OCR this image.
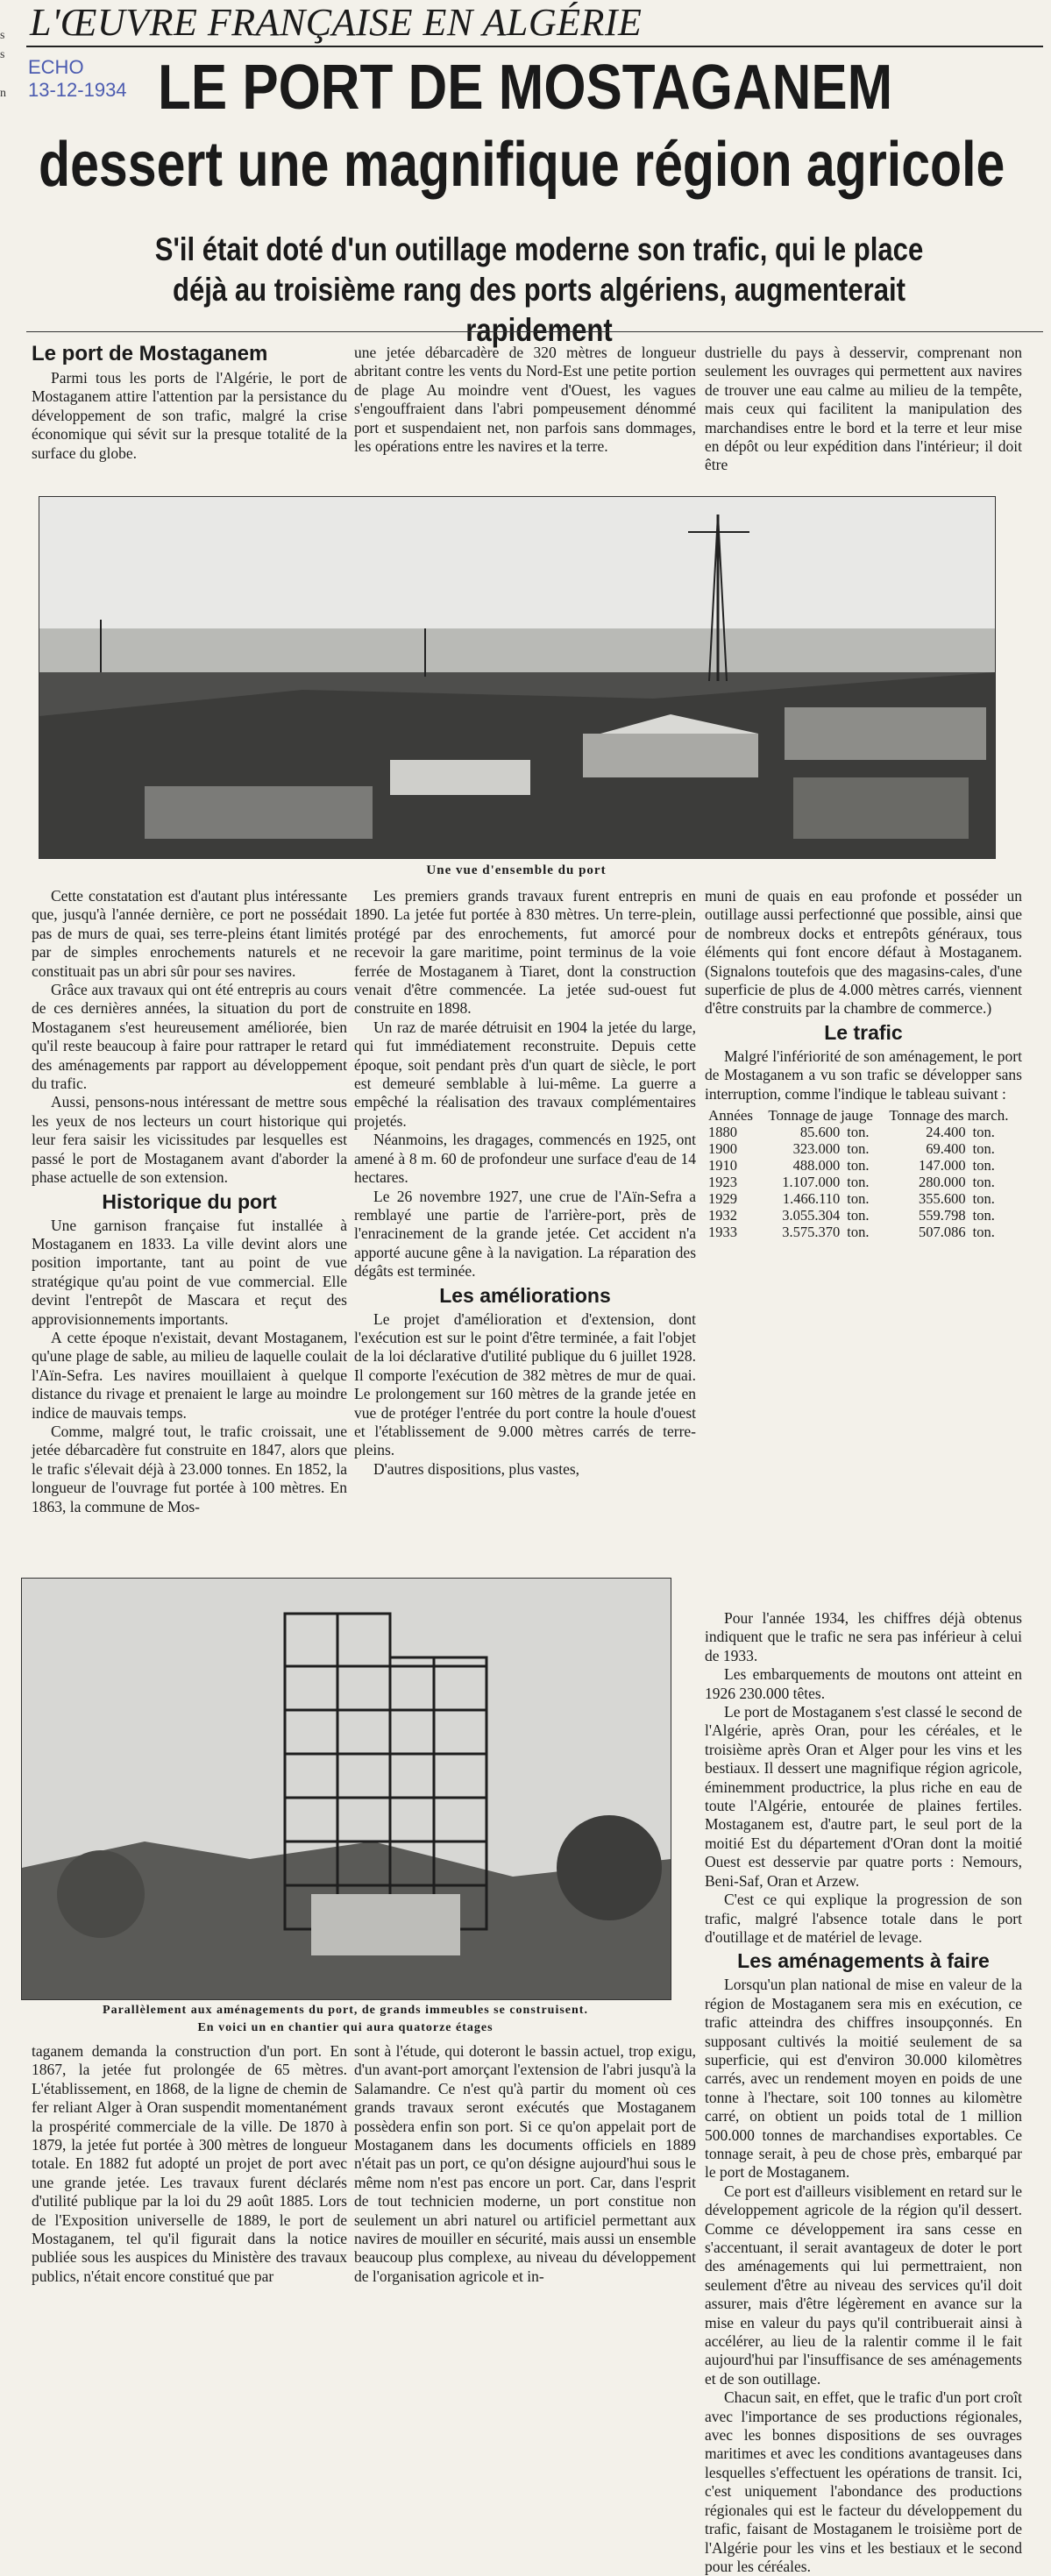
s
s

n
L'ŒUVRE FRANÇAISE EN ALGÉRIE
ECHO
13-12-1934 LE PORT DE MOSTAGANEM
dessert une magnifique région agricole
S'il était doté d'un outillage moderne son trafic, qui le place déjà au troisième rang des ports algériens, augmenterait rapidement
Le port de Mostaganem

Parmi tous les ports de l'Algérie, le port de Mostaganem attire l'attention par la persistance du développement de son trafic, malgré la crise économique qui sévit sur la presque totalité de la surface du globe.

une jetée débarcadère de 320 mètres de longueur abritant contre les vents du Nord-Est une petite portion de plage Au moindre vent d'Ouest, les vagues s'engouffraient dans l'abri pompeusement dénommé port et suspendaient net, non parfois sans dommages, les opérations entre les navires et la terre.

dustrielle du pays à desservir, comprenant non seulement les ouvrages qui permettent aux navires de trouver une eau calme au milieu de la tempête, mais ceux qui facilitent la manipulation des marchandises entre le bord et la terre et leur mise en dépôt ou leur expédition dans l'intérieur; il doit être

Une vue d'ensemble du port

Cette constatation est d'autant plus intéressante que, jusqu'à l'année dernière, ce port ne possédait pas de murs de quai, ses terre-pleins étant limités par de simples enrochements naturels et ne constituait pas un abri sûr pour ses navires.

Grâce aux travaux qui ont été entrepris au cours de ces dernières années, la situation du port de Mostaganem s'est heureusement améliorée, bien qu'il reste beaucoup à faire pour rattraper le retard des aménagements par rapport au développement du trafic.

Aussi, pensons-nous intéressant de mettre sous les yeux de nos lecteurs un court historique qui leur fera saisir les vicissitudes par lesquelles est passé le port de Mostaganem avant d'aborder la phase actuelle de son extension.

Historique du port

Une garnison française fut installée à Mostaganem en 1833. La ville devint alors une position importante, tant au point de vue stratégique qu'au point de vue commercial. Elle devint l'entrepôt de Mascara et reçut des approvisionnements importants.

A cette époque n'existait, devant Mostaganem, qu'une plage de sable, au milieu de laquelle coulait l'Aïn-Sefra. Les navires mouillaient à quelque distance du rivage et prenaient le large au moindre indice de mauvais temps.

Comme, malgré tout, le trafic croissait, une jetée débarcadère fut construite en 1847, alors que le trafic s'élevait déjà à 23.000 tonnes. En 1852, la longueur de l'ouvrage fut portée à 100 mètres. En 1863, la commune de Mos-

Les premiers grands travaux furent entrepris en 1890. La jetée fut portée à 830 mètres. Un terre-plein, protégé par des enrochements, fut amorcé pour recevoir la gare maritime, point terminus de la voie ferrée de Mostaganem à Tiaret, dont la construction venait d'être commencée. La jetée sud-ouest fut construite en 1898.

Un raz de marée détruisit en 1904 la jetée du large, qui fut immédiatement reconstruite. Depuis cette époque, soit pendant près d'un quart de siècle, le port est demeuré semblable à lui-même. La guerre a empêché la réalisation des travaux complémentaires projetés.

Néanmoins, les dragages, commencés en 1925, ont amené à 8 m. 60 de profondeur une surface d'eau de 14 hectares.

Le 26 novembre 1927, une crue de l'Aïn-Sefra a remblayé une partie de l'arrière-port, près de l'enracinement de la grande jetée. Cet accident n'a apporté aucune gêne à la navigation. La réparation des dégâts est terminée.

Les améliorations

Le projet d'amélioration et d'extension, dont l'exécution est sur le point d'être terminée, a fait l'objet de la loi déclarative d'utilité publique du 6 juillet 1928. Il comporte l'exécution de 382 mètres de mur de quai. Le prolongement sur 160 mètres de la grande jetée en vue de protéger l'entrée du port contre la houle d'ouest et l'établissement de 9.000 mètres carrés de terre-pleins.

D'autres dispositions, plus vastes,

muni de quais en eau profonde et posséder un outillage aussi perfectionné que possible, ainsi que de nombreux docks et entrepôts généraux, tous éléments qui font encore défaut à Mostaganem. (Signalons toutefois que des magasins-cales, d'une superficie de plus de 4.000 mètres carrés, viennent d'être construits par la chambre de commerce.)

Le trafic

Malgré l'infériorité de son aménagement, le port de Mostaganem a vu son trafic se développer sans interruption, comme l'indique le tableau suivant :

Années	Tonnage de jauge		Tonnage des march.	
1880	85.600	ton.	24.400	ton.
1900	323.000	ton.	69.400	ton.
1910	488.000	ton.	147.000	ton.
1923	1.107.000	ton.	280.000	ton.
1929	1.466.110	ton.	355.600	ton.
1932	3.055.304	ton.	559.798	ton.
1933	3.575.370	ton.	507.086	ton.

Pour l'année 1934, les chiffres déjà obtenus indiquent que le trafic ne sera pas inférieur à celui de 1933.

Les embarquements de moutons ont atteint en 1926 230.000 têtes.

Le port de Mostaganem s'est classé le second de l'Algérie, après Oran, pour les céréales, et le troisième après Oran et Alger pour les vins et les bestiaux. Il dessert une magnifique région agricole, éminemment productrice, la plus riche en eau de toute l'Algérie, entourée de plaines fertiles. Mostaganem est, d'autre part, le seul port de la moitié Est du département d'Oran dont la moitié Ouest est desservie par quatre ports : Nemours, Beni-Saf, Oran et Arzew.

C'est ce qui explique la progression de son trafic, malgré l'absence totale dans le port d'outillage et de matériel de levage.

Les aménagements à faire

Lorsqu'un plan national de mise en valeur de la région de Mostaganem sera mis en exécution, ce trafic atteindra des chiffres insoupçonnés. En supposant cultivés la moitié seulement de sa superficie, qui est d'environ 30.000 kilomètres carrés, avec un rendement moyen en poids de une tonne à l'hectare, soit 100 tonnes au kilomètre carré, on obtient un poids total de 1 million 500.000 tonnes de marchandises exportables. Ce tonnage serait, à peu de chose près, embarqué par le port de Mostaganem.

Ce port est d'ailleurs visiblement en retard sur le développement agricole de la région qu'il dessert. Comme ce développement ira sans cesse en s'accentuant, il serait avantageux de doter le port des aménagements qui lui permettraient, non seulement d'être au niveau des services qu'il doit assurer, mais d'être légèrement en avance sur la mise en valeur du pays qu'il contribuerait ainsi à accélérer, au lieu de la ralentir comme il le fait aujourd'hui par l'insuffisance de ses aménagements et de son outillage.

Chacun sait, en effet, que le trafic d'un port croît avec l'importance de ses productions régionales, avec les bonnes dispositions de ses ouvrages maritimes et avec les conditions avantageuses dans lesquelles s'effectuent les opérations de transit. Ici, c'est uniquement l'abondance des productions régionales qui est le facteur du développement du trafic, faisant de Mostaganem le troisième port de l'Algérie pour les vins et les bestiaux et le second pour les céréales.

Parallèlement aux aménagements du port, de grands immeubles se construisent.
En voici un en chantier qui aura quatorze étages

taganem demanda la construction d'un port. En 1867, la jetée fut prolongée de 65 mètres. L'établissement, en 1868, de la ligne de chemin de fer reliant Alger à Oran suspendit momentanément la prospérité commerciale de la ville. De 1870 à 1879, la jetée fut portée à 300 mètres de longueur totale. En 1882 fut adopté un projet de port avec une grande jetée. Les travaux furent déclarés d'utilité publique par la loi du 29 août 1885. Lors de l'Exposition universelle de 1889, le port de Mostaganem, tel qu'il figurait dans la notice publiée sous les auspices du Ministère des travaux publics, n'était encore constitué que par

sont à l'étude, qui doteront le bassin actuel, trop exigu, d'un avant-port amorçant l'extension de l'abri jusqu'à la Salamandre. Ce n'est qu'à partir du moment où ces grands travaux seront exécutés que Mostaganem possèdera enfin son port. Si ce qu'on appelait port de Mostaganem dans les documents officiels en 1889 n'était pas un port, ce qu'on désigne aujourd'hui sous le même nom n'est pas encore un port. Car, dans l'esprit de tout technicien moderne, un port constitue non seulement un abri naturel ou artificiel permettant aux navires de mouiller en sécurité, mais aussi un ensemble beaucoup plus complexe, au niveau du développement de l'organisation agricole et in-
